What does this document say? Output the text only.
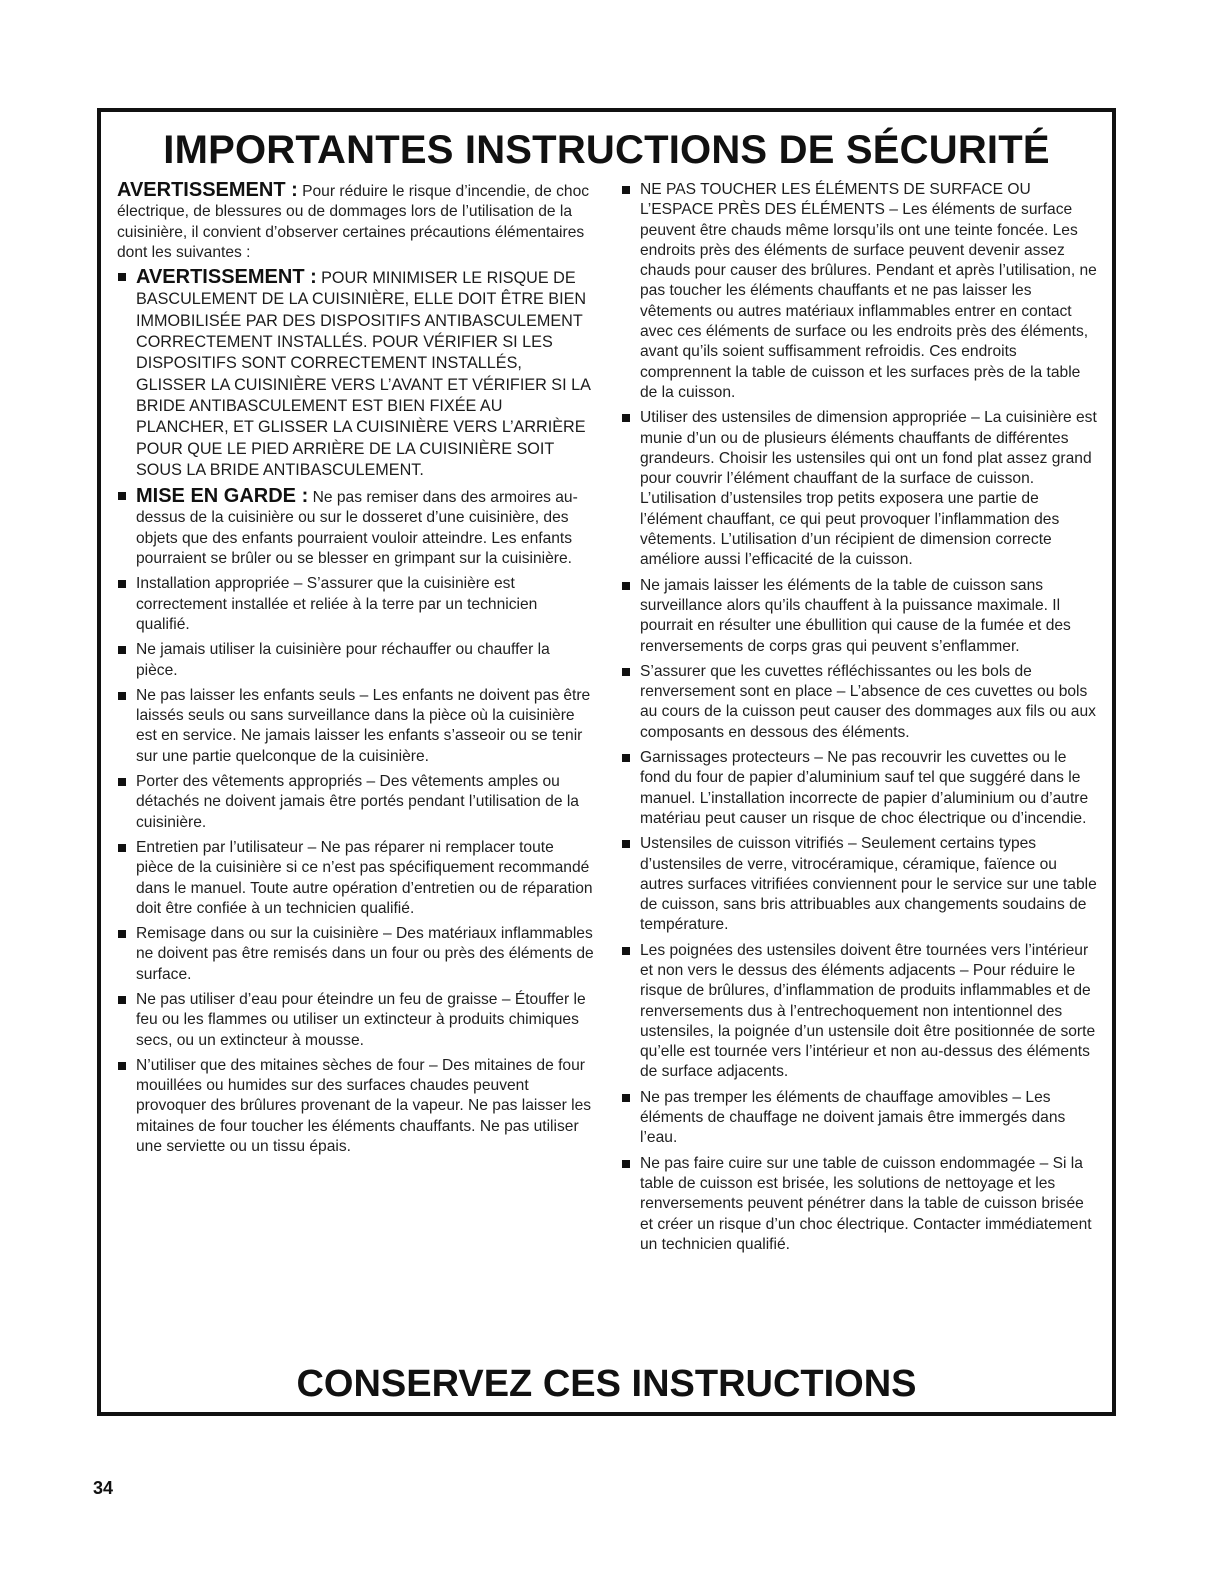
IMPORTANTES INSTRUCTIONS DE SÉCURITÉ

AVERTISSEMENT : Pour réduire le risque d’incendie, de choc électrique, de blessures ou de dommages lors de l’utilisation de la cuisinière, il convient d’observer certaines précautions élémentaires dont les suivantes :

AVERTISSEMENT : POUR MINIMISER LE RISQUE DE BASCULEMENT DE LA CUISINIÈRE, ELLE DOIT ÊTRE BIEN IMMOBILISÉE PAR DES DISPOSITIFS ANTIBASCULEMENT CORRECTEMENT INSTALLÉS. POUR VÉRIFIER SI LES DISPOSITIFS SONT CORRECTEMENT INSTALLÉS, GLISSER LA CUISINIÈRE VERS L’AVANT ET VÉRIFIER SI LA BRIDE ANTIBASCULEMENT EST BIEN FIXÉE AU PLANCHER, ET GLISSER LA CUISINIÈRE VERS L’ARRIÈRE POUR QUE LE PIED ARRIÈRE DE LA CUISINIÈRE SOIT SOUS LA BRIDE ANTIBASCULEMENT.
MISE EN GARDE : Ne pas remiser dans des armoires au-dessus de la cuisinière ou sur le dosseret d’une cuisinière, des objets que des enfants pourraient vouloir atteindre. Les enfants pourraient se brûler ou se blesser en grimpant sur la cuisinière.
Installation appropriée – S’assurer que la cuisinière est correctement installée et reliée à la terre par un technicien qualifié.
Ne jamais utiliser la cuisinière pour réchauffer ou chauffer la pièce.
Ne pas laisser les enfants seuls – Les enfants ne doivent pas être laissés seuls ou sans surveillance dans la pièce où la cuisinière est en service. Ne jamais laisser les enfants s’asseoir ou se tenir sur une partie quelconque de la cuisinière.
Porter des vêtements appropriés – Des vêtements amples ou détachés ne doivent jamais être portés pendant l’utilisation de la cuisinière.
Entretien par l’utilisateur – Ne pas réparer ni remplacer toute pièce de la cuisinière si ce n’est pas spécifiquement recommandé dans le manuel. Toute autre opération d’entretien ou de réparation doit être confiée à un technicien qualifié.
Remisage dans ou sur la cuisinière – Des matériaux inflammables ne doivent pas être remisés dans un four ou près des éléments de surface.
Ne pas utiliser d’eau pour éteindre un feu de graisse – Étouffer le feu ou les flammes ou utiliser un extincteur à produits chimiques secs, ou un extincteur à mousse.
N’utiliser que des mitaines sèches de four – Des mitaines de four mouillées ou humides sur des surfaces chaudes peuvent provoquer des brûlures provenant de la vapeur. Ne pas laisser les mitaines de four toucher les éléments chauffants. Ne pas utiliser une serviette ou un tissu épais.
NE PAS TOUCHER LES ÉLÉMENTS DE SURFACE OU L’ESPACE PRÈS DES ÉLÉMENTS – Les éléments de surface peuvent être chauds même lorsqu’ils ont une teinte foncée. Les endroits près des éléments de surface peuvent devenir assez chauds pour causer des brûlures. Pendant et après l’utilisation, ne pas toucher les éléments chauffants et ne pas laisser les vêtements ou autres matériaux inflammables entrer en contact avec ces éléments de surface ou les endroits près des éléments, avant qu’ils soient suffisamment refroidis. Ces endroits comprennent la table de cuisson et les surfaces près de la table de la cuisson.
Utiliser des ustensiles de dimension appropriée – La cuisinière est munie d’un ou de plusieurs éléments chauffants de différentes grandeurs. Choisir les ustensiles qui ont un fond plat assez grand pour couvrir l’élément chauffant de la surface de cuisson. L’utilisation d’ustensiles trop petits exposera une partie de l’élément chauffant, ce qui peut provoquer l’inflammation des vêtements. L’utilisation d’un récipient de dimension correcte améliore aussi l’efficacité de la cuisson.
Ne jamais laisser les éléments de la table de cuisson sans surveillance alors qu’ils chauffent à la puissance maximale. Il pourrait en résulter une ébullition qui cause de la fumée et des renversements de corps gras qui peuvent s’enflammer.
S’assurer que les cuvettes réfléchissantes ou les bols de renversement sont en place – L’absence de ces cuvettes ou bols au cours de la cuisson peut causer des dommages aux fils ou aux composants en dessous des éléments.
Garnissages protecteurs – Ne pas recouvrir les cuvettes ou le fond du four de papier d’aluminium sauf tel que suggéré dans le manuel. L’installation incorrecte de papier d’aluminium ou d’autre matériau peut causer un risque de choc électrique ou d’incendie.
Ustensiles de cuisson vitrifiés – Seulement certains types d’ustensiles de verre, vitrocéramique, céramique, faïence ou autres surfaces vitrifiées conviennent pour le service sur une table de cuisson, sans bris attribuables aux changements soudains de température.
Les poignées des ustensiles doivent être tournées vers l’intérieur et non vers le dessus des éléments adjacents – Pour réduire le risque de brûlures, d’inflammation de produits inflammables et de renversements dus à l’entrechoquement non intentionnel des ustensiles, la poignée d’un ustensile doit être positionnée de sorte qu’elle est tournée vers l’intérieur et non au-dessus des éléments de surface adjacents.
Ne pas tremper les éléments de chauffage amovibles – Les éléments de chauffage ne doivent jamais être immergés dans l’eau.
Ne pas faire cuire sur une table de cuisson endommagée – Si la table de cuisson est brisée, les solutions de nettoyage et les renversements peuvent pénétrer dans la table de cuisson brisée et créer un risque d’un choc électrique. Contacter immédiatement un technicien qualifié.
CONSERVEZ CES INSTRUCTIONS
34
